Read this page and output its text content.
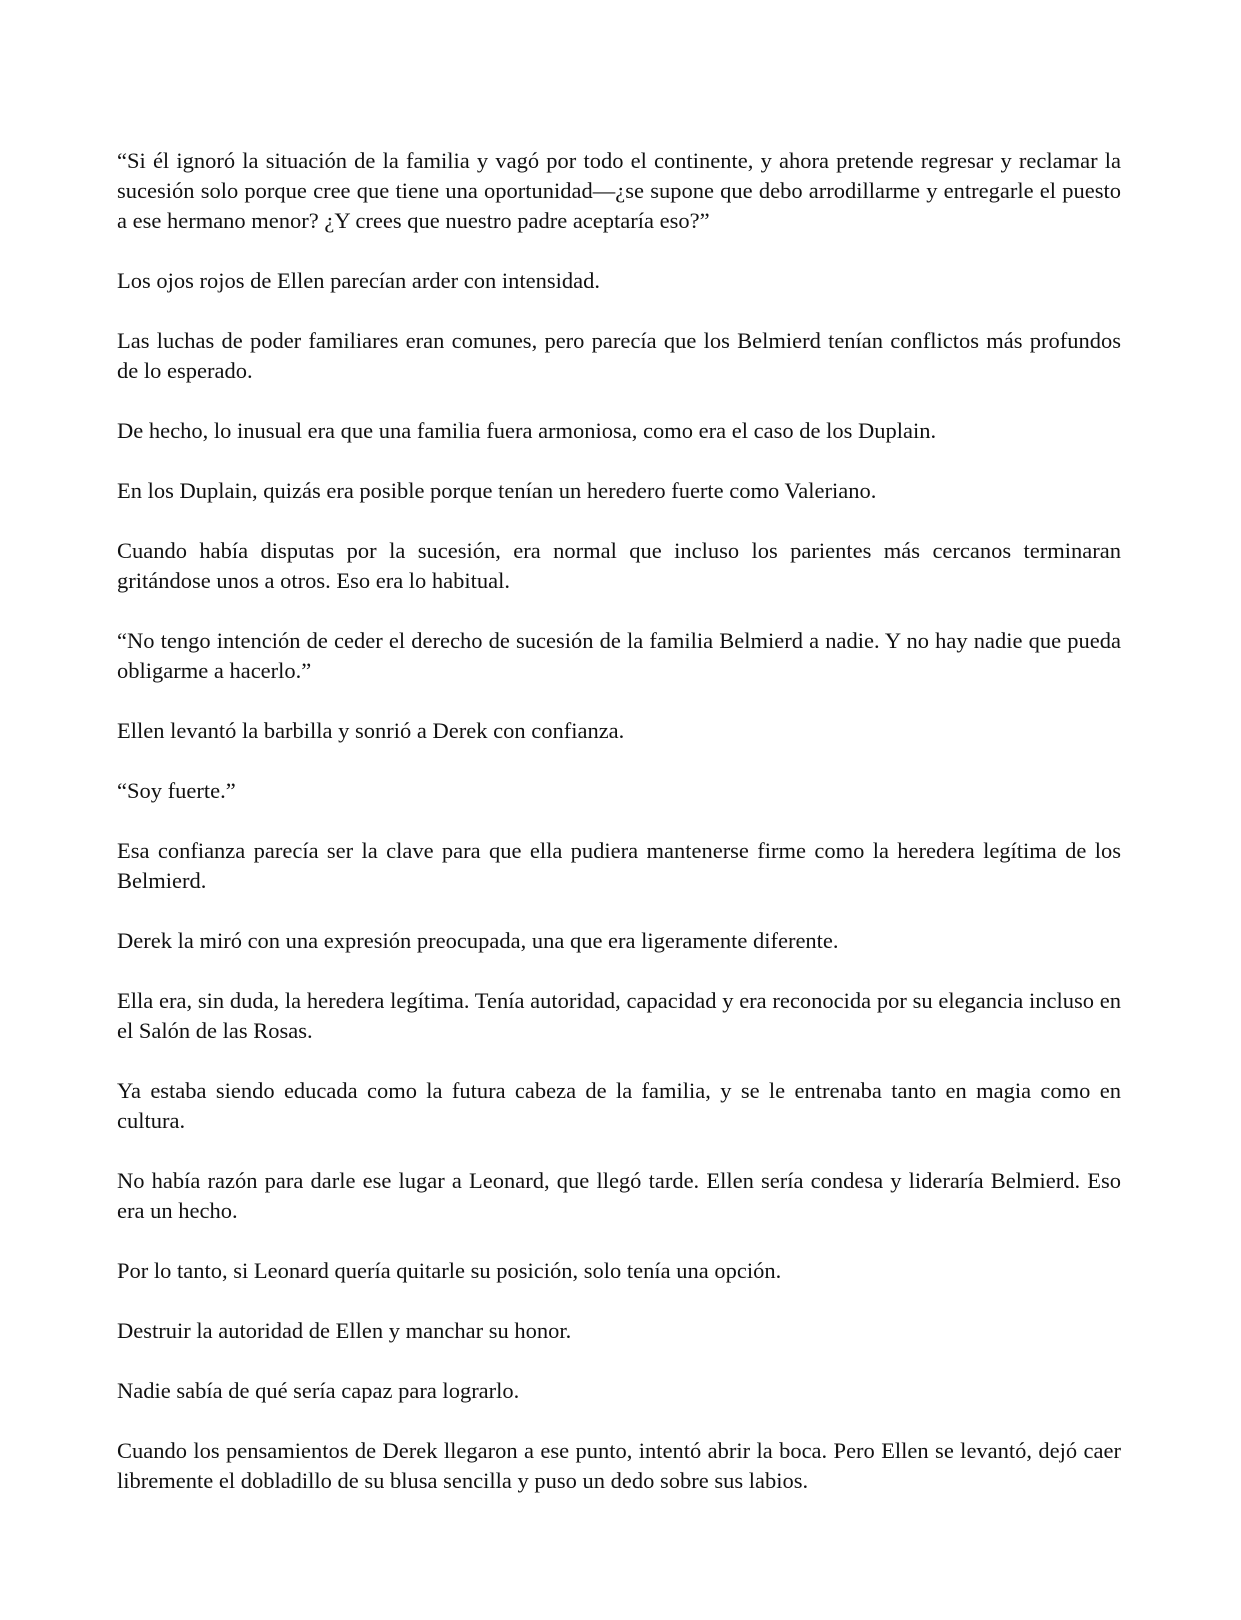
“Si él ignoró la situación de la familia y vagó por todo el continente, y ahora pretende regresar y reclamar la sucesión solo porque cree que tiene una oportunidad—¿se supone que debo arrodillarme y entregarle el puesto a ese hermano menor? ¿Y crees que nuestro padre aceptaría eso?”

Los ojos rojos de Ellen parecían arder con intensidad.

Las luchas de poder familiares eran comunes, pero parecía que los Belmierd tenían conflictos más profundos de lo esperado.

De hecho, lo inusual era que una familia fuera armoniosa, como era el caso de los Duplain.

En los Duplain, quizás era posible porque tenían un heredero fuerte como Valeriano.

Cuando había disputas por la sucesión, era normal que incluso los parientes más cercanos terminaran gritándose unos a otros. Eso era lo habitual.

“No tengo intención de ceder el derecho de sucesión de la familia Belmierd a nadie. Y no hay nadie que pueda obligarme a hacerlo.”

Ellen levantó la barbilla y sonrió a Derek con confianza.

“Soy fuerte.”

Esa confianza parecía ser la clave para que ella pudiera mantenerse firme como la heredera legítima de los Belmierd.

Derek la miró con una expresión preocupada, una que era ligeramente diferente.

Ella era, sin duda, la heredera legítima. Tenía autoridad, capacidad y era reconocida por su elegancia incluso en el Salón de las Rosas.

Ya estaba siendo educada como la futura cabeza de la familia, y se le entrenaba tanto en magia como en cultura.

No había razón para darle ese lugar a Leonard, que llegó tarde. Ellen sería condesa y lideraría Belmierd. Eso era un hecho.

Por lo tanto, si Leonard quería quitarle su posición, solo tenía una opción.

Destruir la autoridad de Ellen y manchar su honor.

Nadie sabía de qué sería capaz para lograrlo.

Cuando los pensamientos de Derek llegaron a ese punto, intentó abrir la boca. Pero Ellen se levantó, dejó caer libremente el dobladillo de su blusa sencilla y puso un dedo sobre sus labios.
